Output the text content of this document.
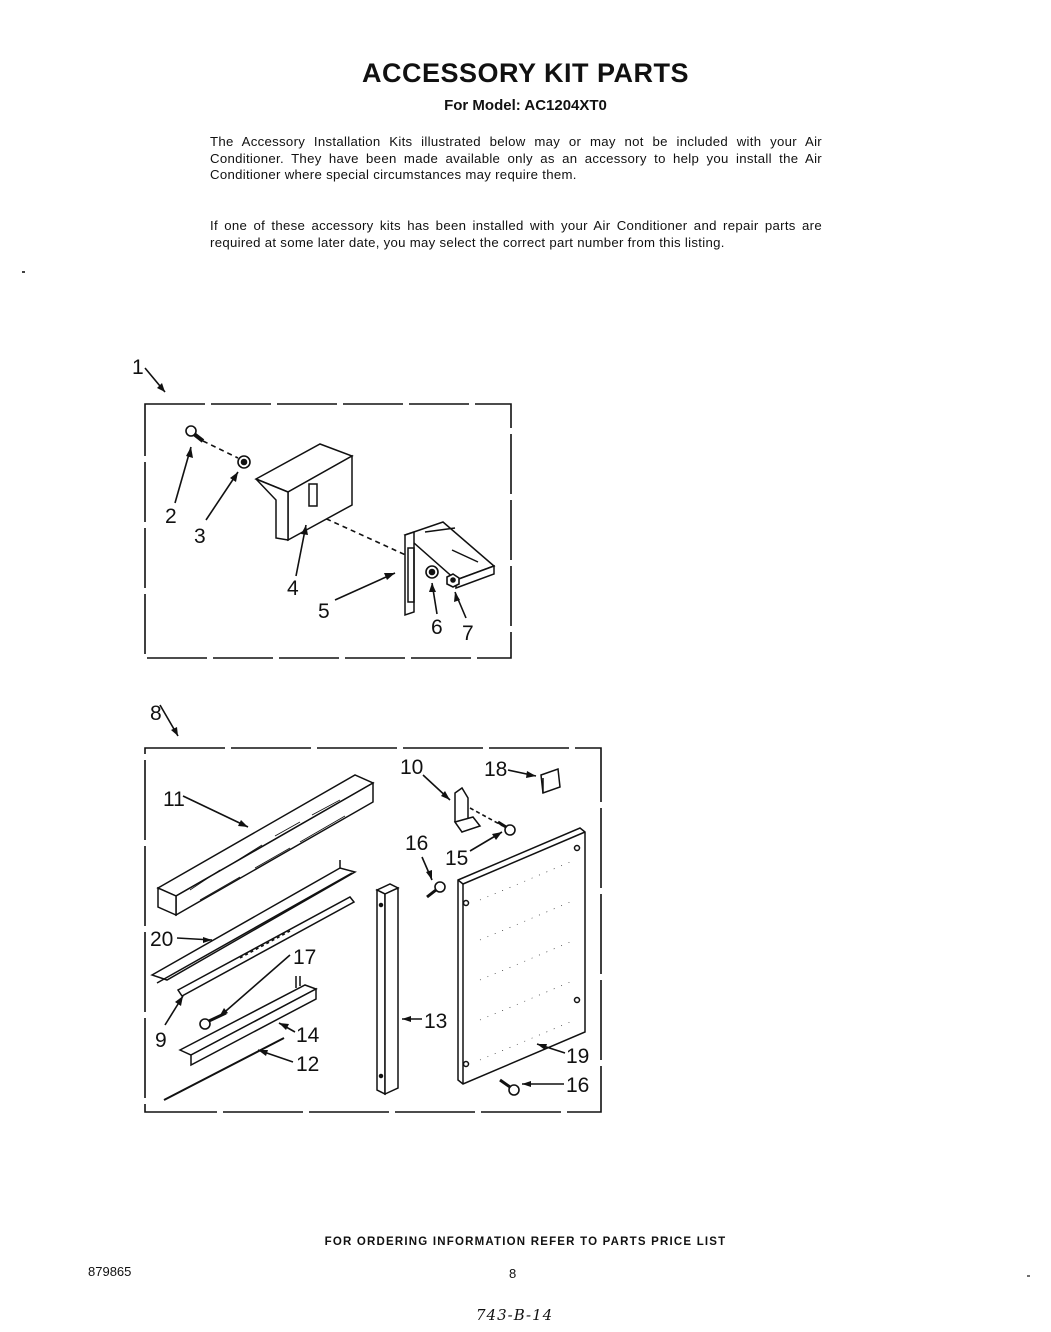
ACCESSORY KIT PARTS
For Model: AC1204XT0
The Accessory Installation Kits illustrated below may or may not be included with your Air Conditioner. They have been made available only as an accessory to help you install the Air Conditioner where special circumstances may require them.
If one of these accessory kits has been installed with your Air Conditioner and repair parts are required at some later date, you may select the correct part number from this listing.
1
2
3
4
5
6 7
8
9
10
11
12
13
14
15
16
16
17
18
19
20
FOR ORDERING INFORMATION REFER TO PARTS PRICE LIST
879865	8
743-B-14
